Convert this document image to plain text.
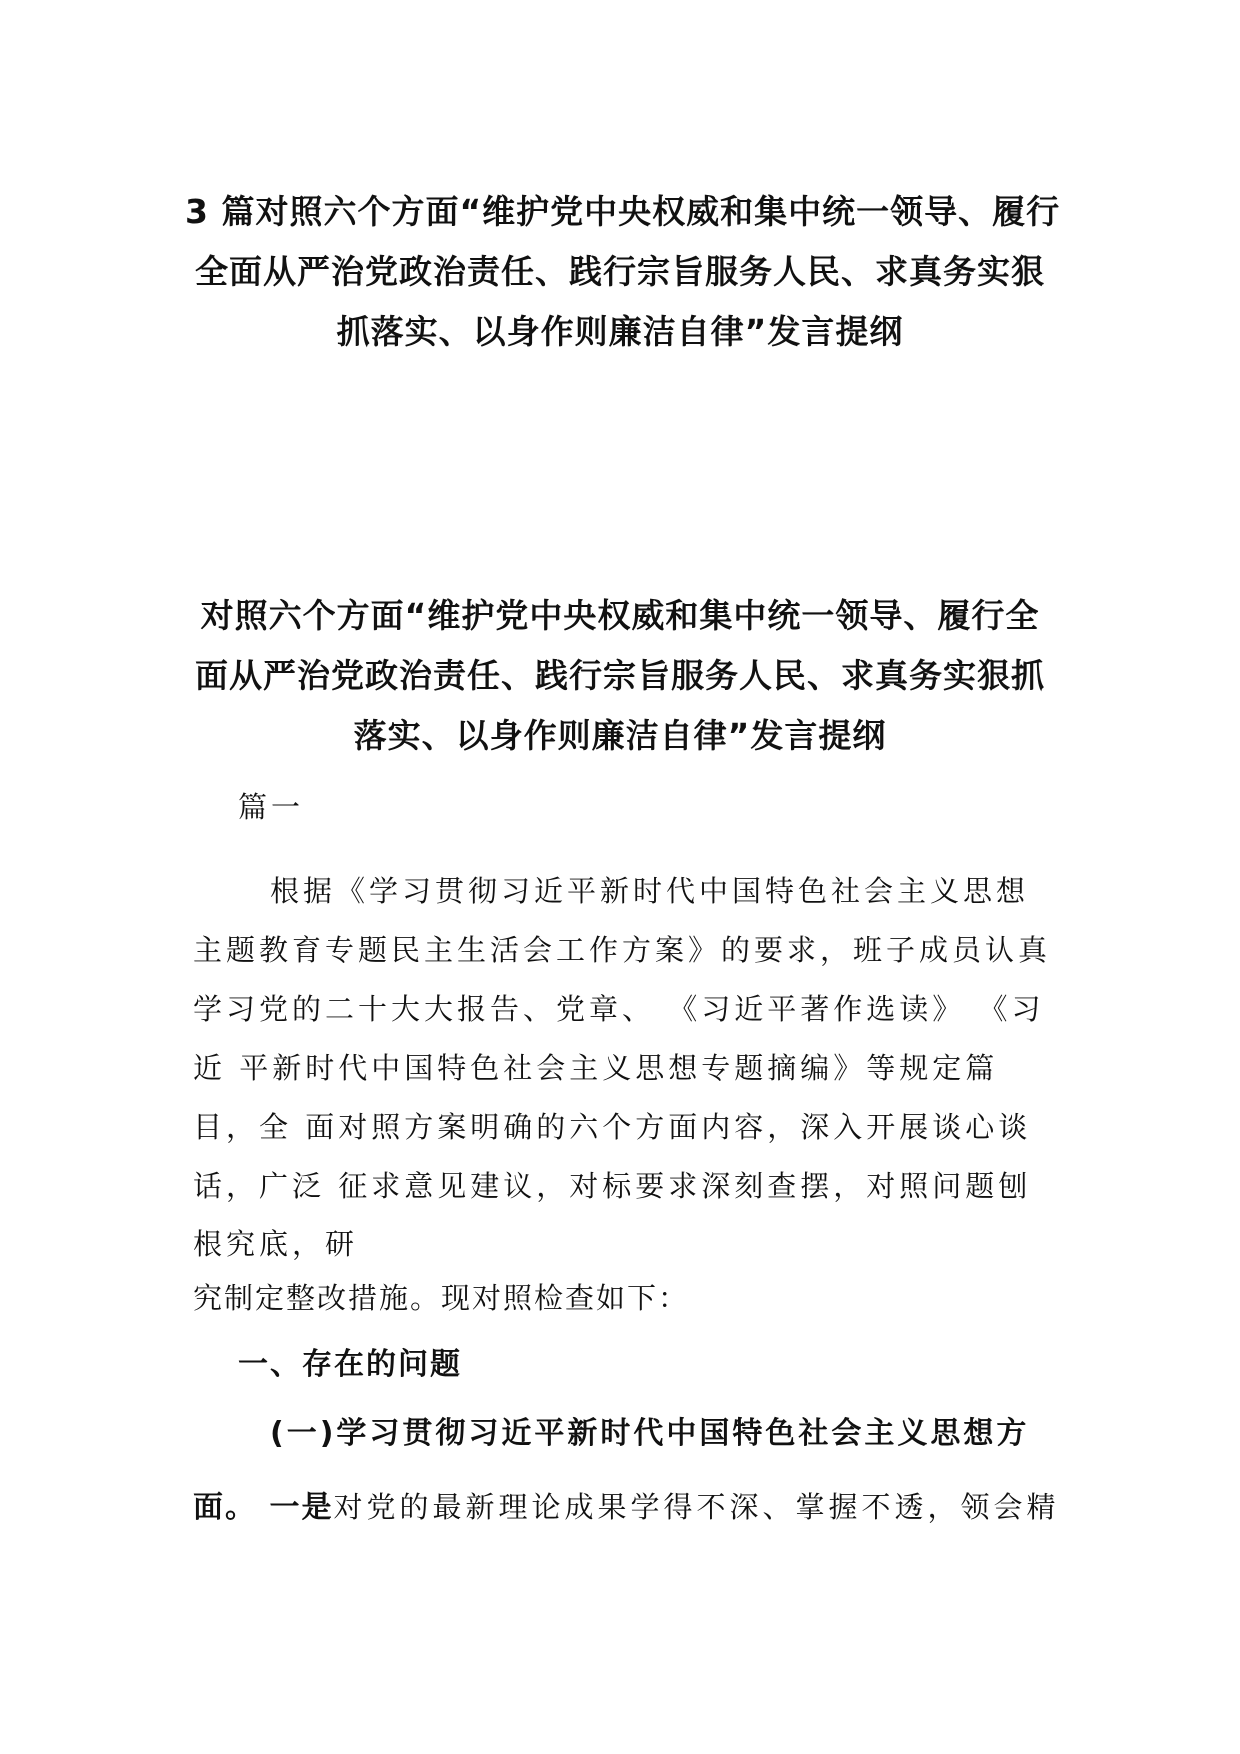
3 篇对照六个方面“维护党中央权威和集中统一领导、履行
全面从严治党政治责任、践行宗旨服务人民、求真务实狠
抓落实、以身作则廉洁自律”发言提纲
对照六个方面“维护党中央权威和集中统一领导、履行全
面从严治党政治责任、践行宗旨服务人民、求真务实狠抓
落实、以身作则廉洁自律”发言提纲
篇一
根据《学习贯彻习近平新时代中国特色社会主义思想
主题教育专题民主生活会工作方案》的要求，班子成员认真
学习党的二十大大报告、党章、 《习近平著作选读》 《习
近 平新时代中国特色社会主义思想专题摘编》等规定篇
目，全 面对照方案明确的六个方面内容，深入开展谈心谈
话，广泛 征求意见建议，对标要求深刻查摆，对照问题刨
根究底，研
究制定整改措施。现对照检查如下：
一、存在的问题
(一)学习贯彻习近平新时代中国特色社会主义思想方
面。 一是对党的最新理论成果学得不深、掌握不透，领会精
